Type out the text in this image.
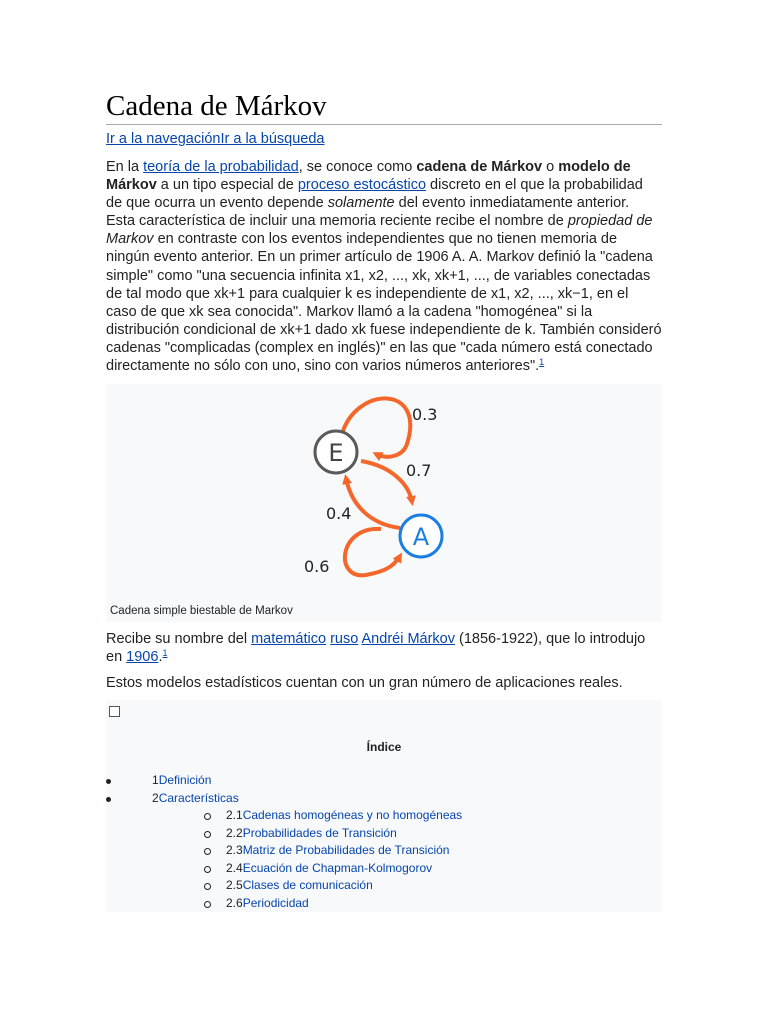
Cadena de Márkov
Ir a la navegaciónIr a la búsqueda

En la teoría de la probabilidad, se conoce como cadena de Márkov o modelo de Márkov a un tipo especial de proceso estocástico discreto en el que la probabilidad de que ocurra un evento depende solamente del evento inmediatamente anterior. Esta característica de incluir una memoria reciente recibe el nombre de propiedad de Markov en contraste con los eventos independientes que no tienen memoria de ningún evento anterior. En un primer artículo de 1906 A. A. Markov definió la "cadena simple" como "una secuencia infinita x1, x2, ..., xk, xk+1, ..., de variables conectadas de tal modo que xk+1 para cualquier k es independiente de x1, x2, ..., xk−1, en el caso de que xk sea conocida". Markov llamó a la cadena "homogénea" si la distribución condicional de xk+1 dado xk fuese independiente de k. También consideró cadenas "complicadas (complex en inglés)" en las que "cada número está conectado directamente no sólo con uno, sino con varios números anteriores".$^1$

E
A
0.3
0.7
0.4
0.6
Cadena simple biestable de Markov

Recibe su nombre del matemático ruso Andréi Márkov (1856-1922), que lo introdujo en 1906.$^1$

Estos modelos estadísticos cuentan con un gran número de aplicaciones reales.

Índice
1Definición
2Características
2.1Cadenas homogéneas y no homogéneas
2.2Probabilidades de Transición
2.3Matriz de Probabilidades de Transición
2.4Ecuación de Chapman-Kolmogorov
2.5Clases de comunicación
2.6Periodicidad
